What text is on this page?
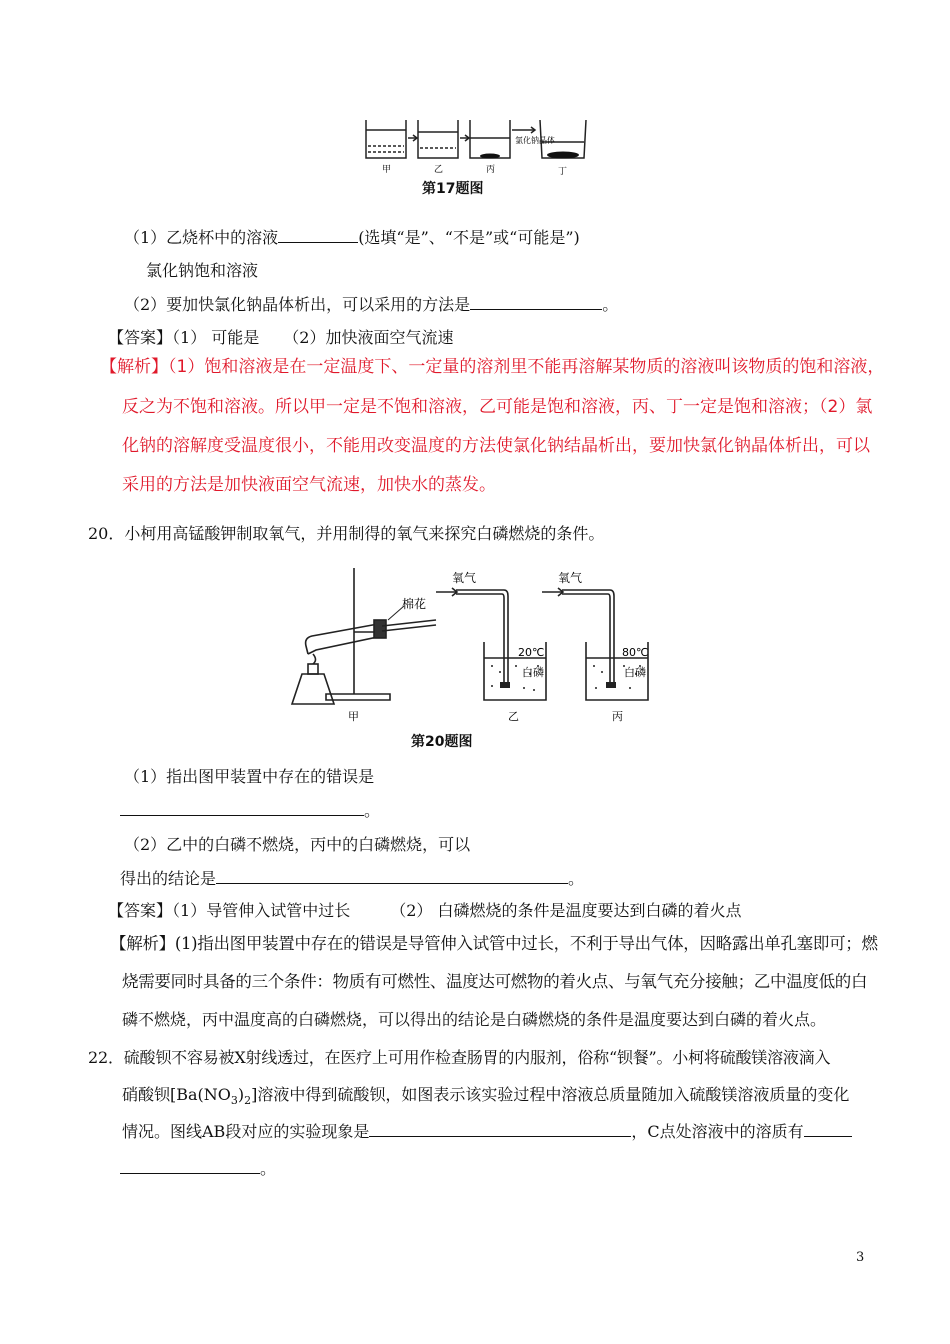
氯化钠晶体
甲	乙	丙	丁
第17题图
（1）乙烧杯中的溶液	(选填“是”、“不是”或“可能是”)
氯化钠饱和溶液
（2）要加快氯化钠晶体析出，可以采用的方法是	。
【答案】（1） 可能是　　（2）加快液面空气流速
【解析】（1）饱和溶液是在一定温度下、一定量的溶剂里不能再溶解某物质的溶液叫该物质的饱和溶液，
反之为不饱和溶液。所以甲一定是不饱和溶液，乙可能是饱和溶液，丙、丁一定是饱和溶液；（2）氯
化钠的溶解度受温度很小，不能用改变温度的方法使氯化钠结晶析出，要加快氯化钠晶体析出，可以
采用的方法是加快液面空气流速，加快水的蒸发。
20．小柯用高锰酸钾制取氧气，并用制得的氧气来探究白磷燃烧的条件。
棉花
氧气	氧气
20℃
白磷
80℃
白磷
甲	乙	丙
第20题图
（1）指出图甲装置中存在的错误是
。
（2）乙中的白磷不燃烧，丙中的白磷燃烧，可以
得出的结论是	。
【答案】（1）导管伸入试管中过长　　　（2） 白磷燃烧的条件是温度要达到白磷的着火点
【解析】(1)指出图甲装置中存在的错误是导管伸入试管中过长，不利于导出气体，因略露出单孔塞即可；燃
烧需要同时具备的三个条件：物质有可燃性、温度达可燃物的着火点、与氧气充分接触；乙中温度低的白
磷不燃烧，丙中温度高的白磷燃烧，可以得出的结论是白磷燃烧的条件是温度要达到白磷的着火点。
22．硫酸钡不容易被X射线透过，在医疗上可用作检查肠胃的内服剂，俗称“钡餐”。小柯将硫酸镁溶液滴入
硝酸钡$[Ba(NO_3)_2]$溶液中得到硫酸钡，如图表示该实验过程中溶液总质量随加入硫酸镁溶液质量的变化
情况。图线AB段对应的实验现象是	，C点处溶液中的溶质有
。
3
